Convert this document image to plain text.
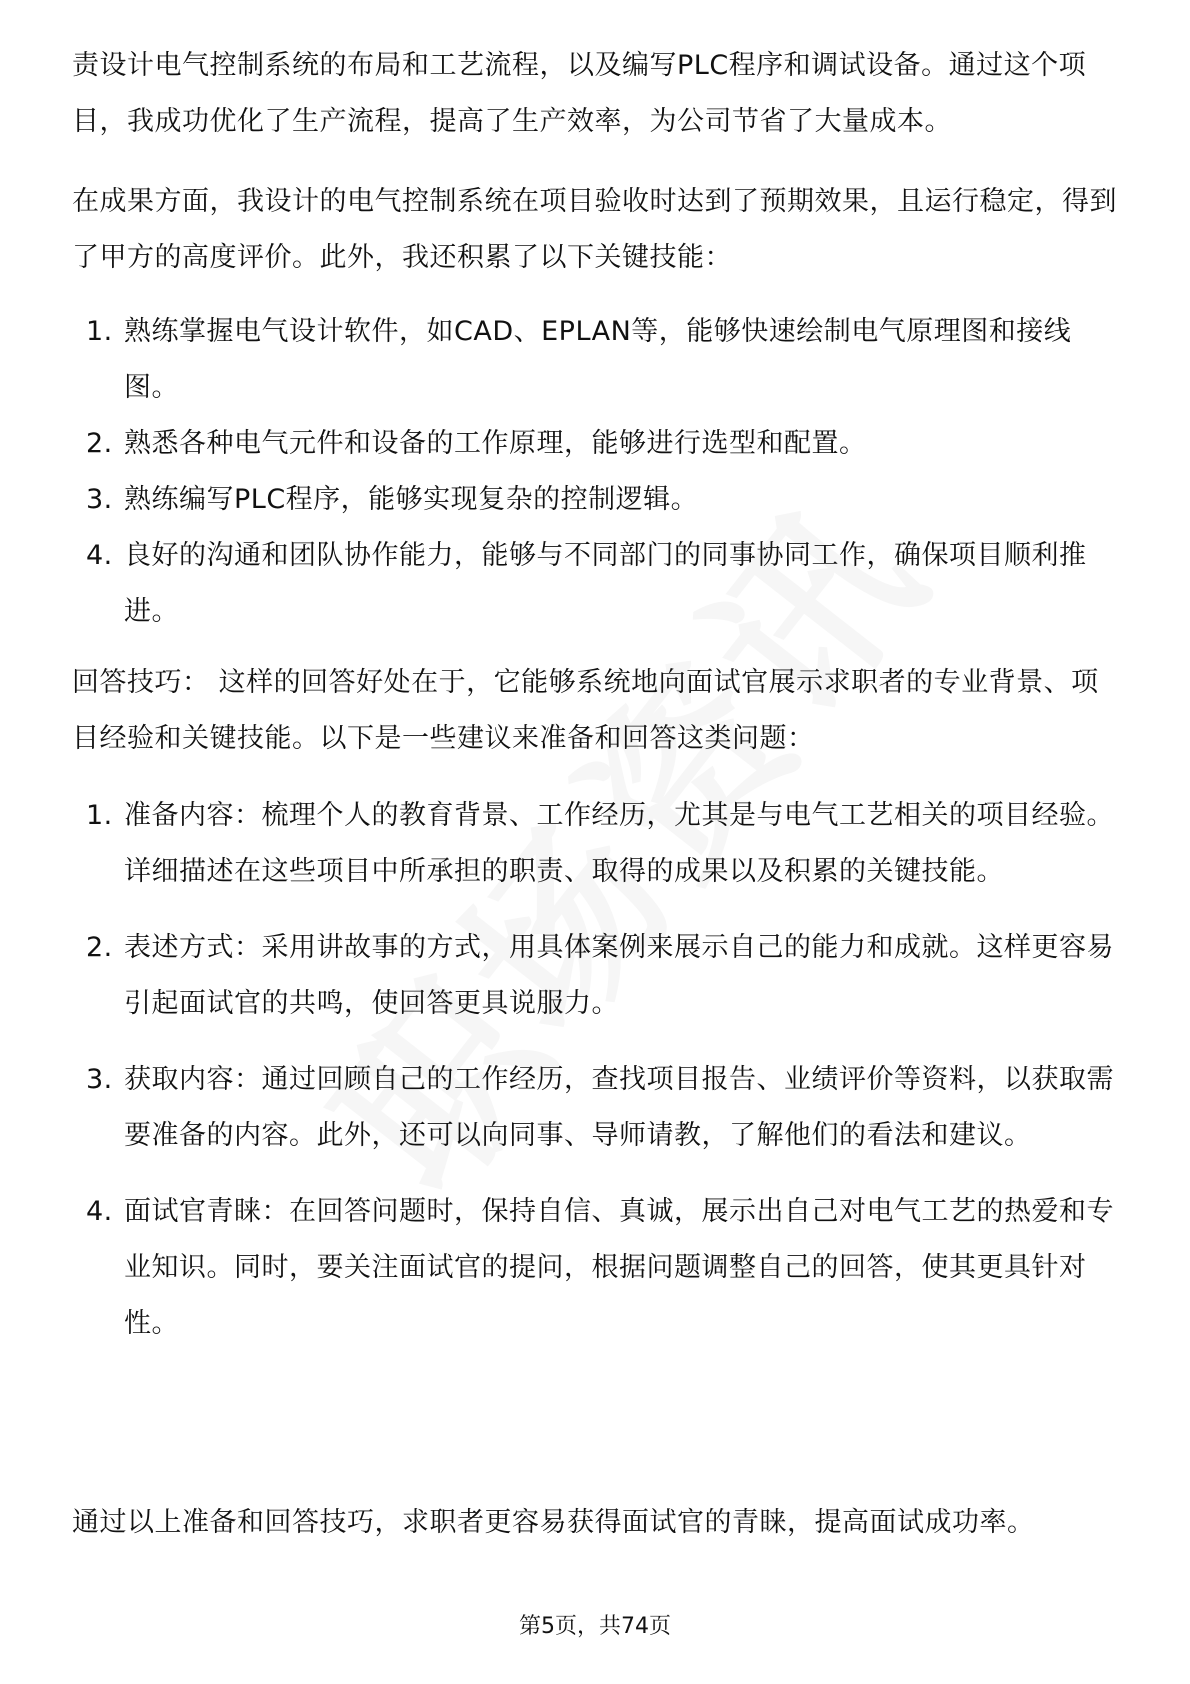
责设计电气控制系统的布局和工艺流程，以及编写PLC程序和调试设备。通过这个项目，我成功优化了生产流程，提高了生产效率，为公司节省了大量成本。

在成果方面，我设计的电气控制系统在项目验收时达到了预期效果，且运行稳定，得到了甲方的高度评价。此外，我还积累了以下关键技能：

1. 熟练掌握电气设计软件，如CAD、EPLAN等，能够快速绘制电气原理图和接线图。
2. 熟悉各种电气元件和设备的工作原理，能够进行选型和配置。
3. 熟练编写PLC程序，能够实现复杂的控制逻辑。
4. 良好的沟通和团队协作能力，能够与不同部门的同事协同工作，确保项目顺利推进。

回答技巧： 这样的回答好处在于，它能够系统地向面试官展示求职者的专业背景、项目经验和关键技能。以下是一些建议来准备和回答这类问题：

1. 准备内容：梳理个人的教育背景、工作经历，尤其是与电气工艺相关的项目经验。详细描述在这些项目中所承担的职责、取得的成果以及积累的关键技能。
2. 表述方式：采用讲故事的方式，用具体案例来展示自己的能力和成就。这样更容易引起面试官的共鸣，使回答更具说服力。
3. 获取内容：通过回顾自己的工作经历，查找项目报告、业绩评价等资料，以获取需要准备的内容。此外，还可以向同事、导师请教，了解他们的看法和建议。
4. 面试官青睐：在回答问题时，保持自信、真诚，展示出自己对电气工艺的热爱和专业知识。同时，要关注面试官的提问，根据问题调整自己的回答，使其更具针对性。

通过以上准备和回答技巧，求职者更容易获得面试官的青睐，提高面试成功率。

第5页，共74页
